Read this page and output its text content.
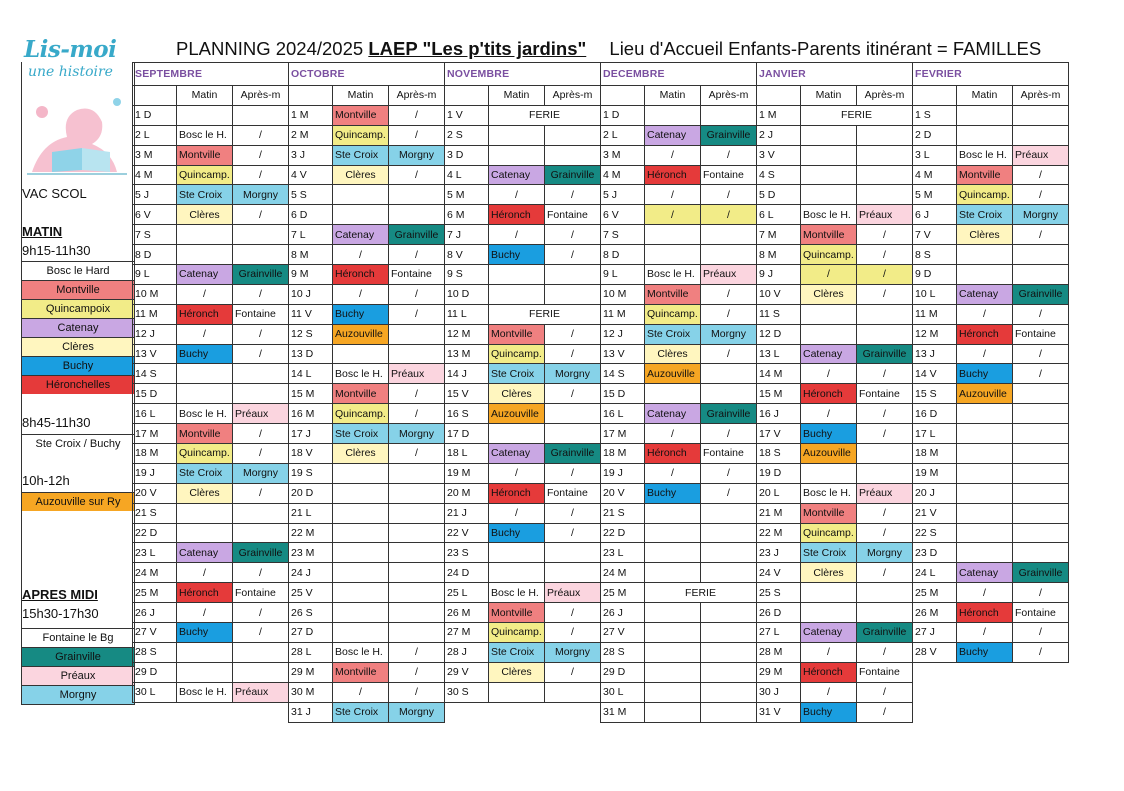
Lis-moi
une histoire
PLANNING 2024/2025 LAEP "Les p'tits jardins" Lieu d'Accueil Enfants-Parents itinérant = FAMILLES
VAC SCOL
MATIN
9h15-11h30
8h45-11h30
10h-12h
APRES MIDI
15h30-17h30
Bosc le Hard
Montville
Quincampoix
Catenay
Clères
Buchy
Héronchelles
Ste Croix / Buchy
Auzouville sur Ry
Fontaine le Bg
Grainville
Préaux
Morgny
SEPTEMBRE			OCTOBRE			NOVEMBRE			DECEMBRE			JANVIER			FEVRIER		
	Matin	Après-m		Matin	Après-m		Matin	Après-m		Matin	Après-m		Matin	Après-m		Matin	Après-m
1 D			1 M	Montville	/	1 V	FERIE		1 D			1 M	FERIE		1 S		
2 L	Bosc le H.	/	2 M	Quincamp.	/	2 S			2 L	Catenay	Grainville	2 J			2 D		
3 M	Montville	/	3 J	Ste Croix	Morgny	3 D			3 M	/	/	3 V			3 L	Bosc le H.	Préaux
4 M	Quincamp.	/	4 V	Clères	/	4 L	Catenay	Grainville	4 M	Héronch	Fontaine	4 S			4 M	Montville	/
5 J	Ste Croix	Morgny	5 S			5 M	/	/	5 J	/	/	5 D			5 M	Quincamp.	/
6 V	Clères	/	6 D			6 M	Héronch	Fontaine	6 V	/	/	6 L	Bosc le H.	Préaux	6 J	Ste Croix	Morgny
7 S			7 L	Catenay	Grainville	7 J	/	/	7 S			7 M	Montville	/	7 V	Clères	/
8 D			8 M	/	/	8 V	Buchy	/	8 D			8 M	Quincamp.	/	8 S		
9 L	Catenay	Grainville	9 M	Héronch	Fontaine	9 S			9 L	Bosc le H.	Préaux	9 J	/	/	9 D		
10 M	/	/	10 J	/	/	10 D			10 M	Montville	/	10 V	Clères	/	10 L	Catenay	Grainville
11 M	Héronch	Fontaine	11 V	Buchy	/	11 L	FERIE		11 M	Quincamp.	/	11 S			11 M	/	/
12 J	/	/	12 S	Auzouville		12 M	Montville	/	12 J	Ste Croix	Morgny	12 D			12 M	Héronch	Fontaine
13 V	Buchy	/	13 D			13 M	Quincamp.	/	13 V	Clères	/	13 L	Catenay	Grainville	13 J	/	/
14 S			14 L	Bosc le H.	Préaux	14 J	Ste Croix	Morgny	14 S	Auzouville		14 M	/	/	14 V	Buchy	/
15 D			15 M	Montville	/	15 V	Clères	/	15 D			15 M	Héronch	Fontaine	15 S	Auzouville	
16 L	Bosc le H.	Préaux	16 M	Quincamp.	/	16 S	Auzouville		16 L	Catenay	Grainville	16 J	/	/	16 D		
17 M	Montville	/	17 J	Ste Croix	Morgny	17 D			17 M	/	/	17 V	Buchy	/	17 L		
18 M	Quincamp.	/	18 V	Clères	/	18 L	Catenay	Grainville	18 M	Héronch	Fontaine	18 S	Auzouville		18 M		
19 J	Ste Croix	Morgny	19 S			19 M	/	/	19 J	/	/	19 D			19 M		
20 V	Clères	/	20 D			20 M	Héronch	Fontaine	20 V	Buchy	/	20 L	Bosc le H.	Préaux	20 J		
21 S			21 L			21 J	/	/	21 S			21 M	Montville	/	21 V		
22 D			22 M			22 V	Buchy	/	22 D			22 M	Quincamp.	/	22 S		
23 L	Catenay	Grainville	23 M			23 S			23 L			23 J	Ste Croix	Morgny	23 D		
24 M	/	/	24 J			24 D			24 M			24 V	Clères	/	24 L	Catenay	Grainville
25 M	Héronch	Fontaine	25 V			25 L	Bosc le H.	Préaux	25 M	FERIE		25 S			25 M	/	/
26 J	/	/	26 S			26 M	Montville	/	26 J			26 D			26 M	Héronch	Fontaine
27 V	Buchy	/	27 D			27 M	Quincamp.	/	27 V			27 L	Catenay	Grainville	27 J	/	/
28 S			28 L	Bosc le H.	/	28 J	Ste Croix	Morgny	28 S			28 M	/	/	28 V	Buchy	/
29 D			29 M	Montville	/	29 V	Clères	/	29 D			29 M	Héronch	Fontaine			
30 L	Bosc le H.	Préaux	30 M	/	/	30 S			30 L			30 J	/	/			
			31 J	Ste Croix	Morgny				31 M			31 V	Buchy	/			
